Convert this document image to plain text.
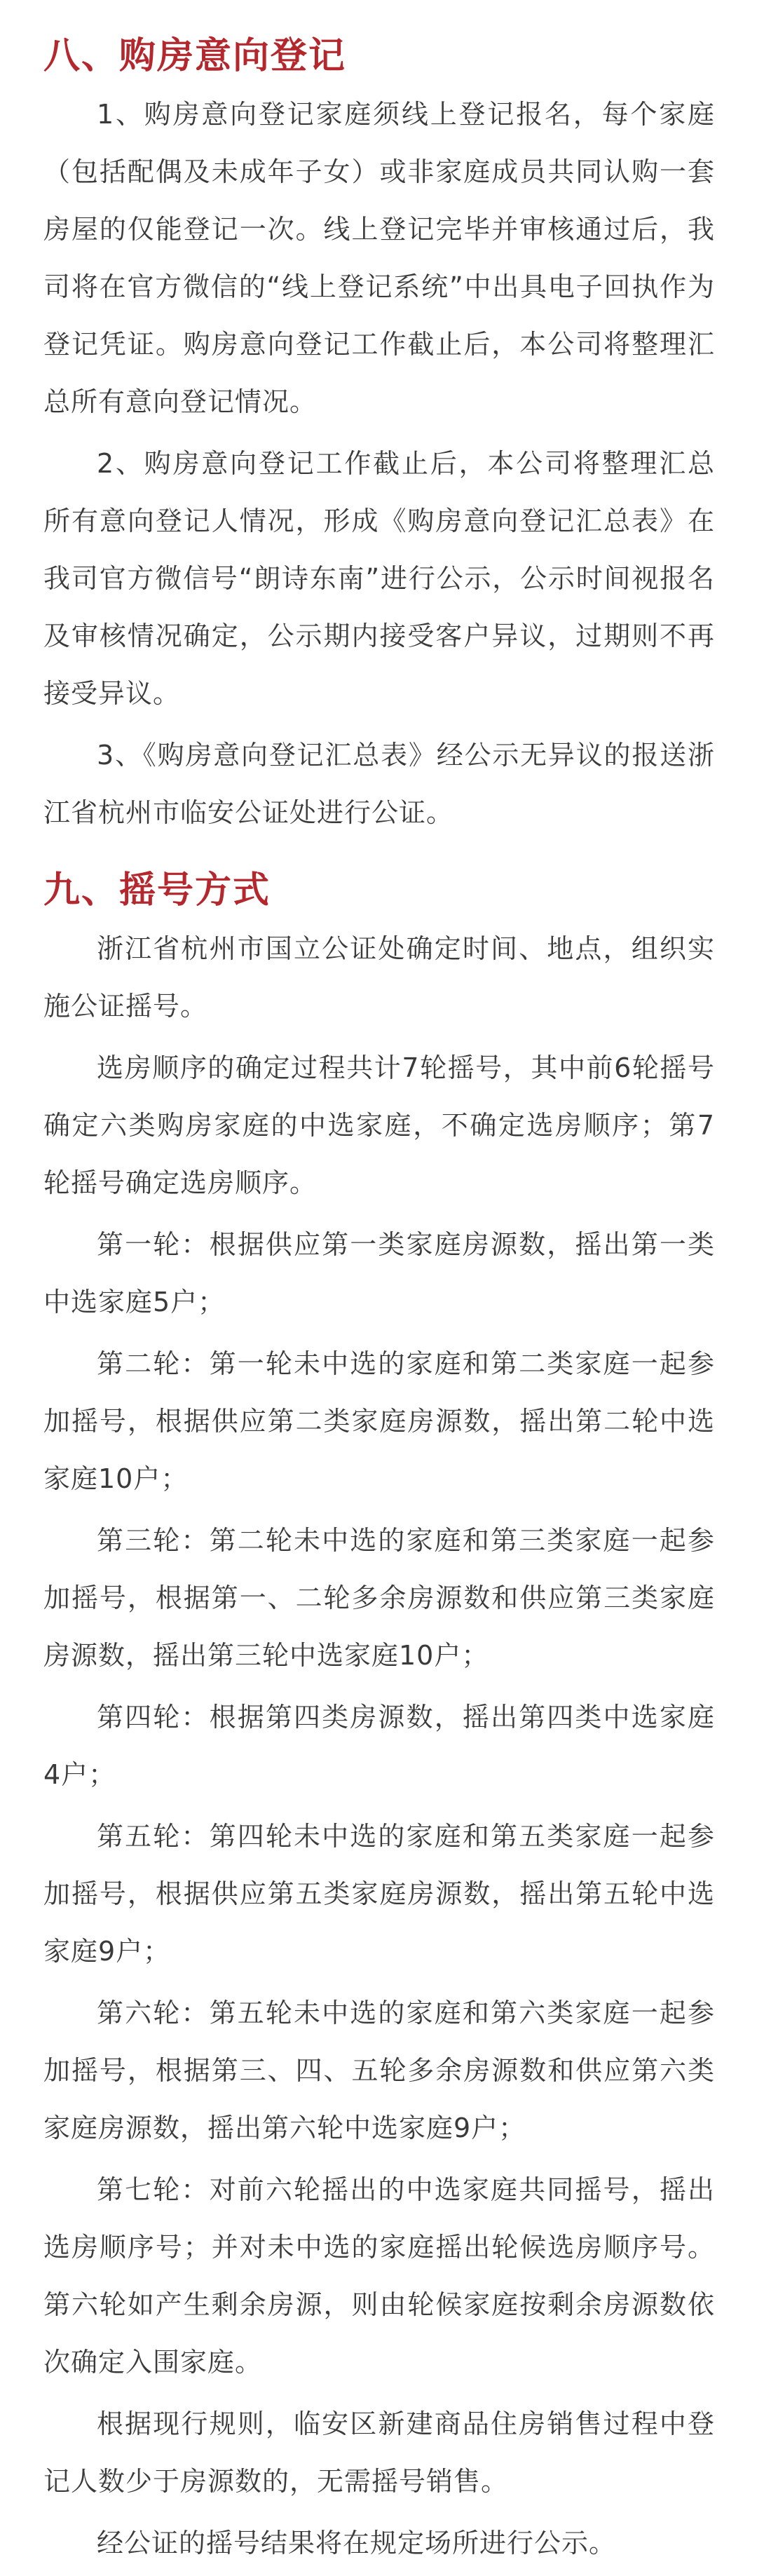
八、购房意向登记

1、购房意向登记家庭须线上登记报名，每个家庭（包括配偶及未成年子女）或非家庭成员共同认购一套房屋的仅能登记一次。线上登记完毕并审核通过后，我司将在官方微信的“线上登记系统”中出具电子回执作为登记凭证。购房意向登记工作截止后，本公司将整理汇总所有意向登记情况。

2、购房意向登记工作截止后，本公司将整理汇总所有意向登记人情况，形成《购房意向登记汇总表》在我司官方微信号“朗诗东南”进行公示，公示时间视报名及审核情况确定，公示期内接受客户异议，过期则不再接受异议。

3、《购房意向登记汇总表》经公示无异议的报送浙江省杭州市临安公证处进行公证。

九、摇号方式

浙江省杭州市国立公证处确定时间、地点，组织实施公证摇号。

选房顺序的确定过程共计7轮摇号，其中前6轮摇号确定六类购房家庭的中选家庭，不确定选房顺序；第7轮摇号确定选房顺序。

第一轮：根据供应第一类家庭房源数，摇出第一类中选家庭5户；

第二轮：第一轮未中选的家庭和第二类家庭一起参加摇号，根据供应第二类家庭房源数，摇出第二轮中选家庭10户；

第三轮：第二轮未中选的家庭和第三类家庭一起参加摇号，根据第一、二轮多余房源数和供应第三类家庭房源数，摇出第三轮中选家庭10户；

第四轮：根据第四类房源数，摇出第四类中选家庭4户；

第五轮：第四轮未中选的家庭和第五类家庭一起参加摇号，根据供应第五类家庭房源数，摇出第五轮中选家庭9户；

第六轮：第五轮未中选的家庭和第六类家庭一起参加摇号，根据第三、四、五轮多余房源数和供应第六类家庭房源数，摇出第六轮中选家庭9户；

第七轮：对前六轮摇出的中选家庭共同摇号，摇出选房顺序号；并对未中选的家庭摇出轮候选房顺序号。第六轮如产生剩余房源，则由轮候家庭按剩余房源数依次确定入围家庭。

根据现行规则，临安区新建商品住房销售过程中登记人数少于房源数的，无需摇号销售。

经公证的摇号结果将在规定场所进行公示。
